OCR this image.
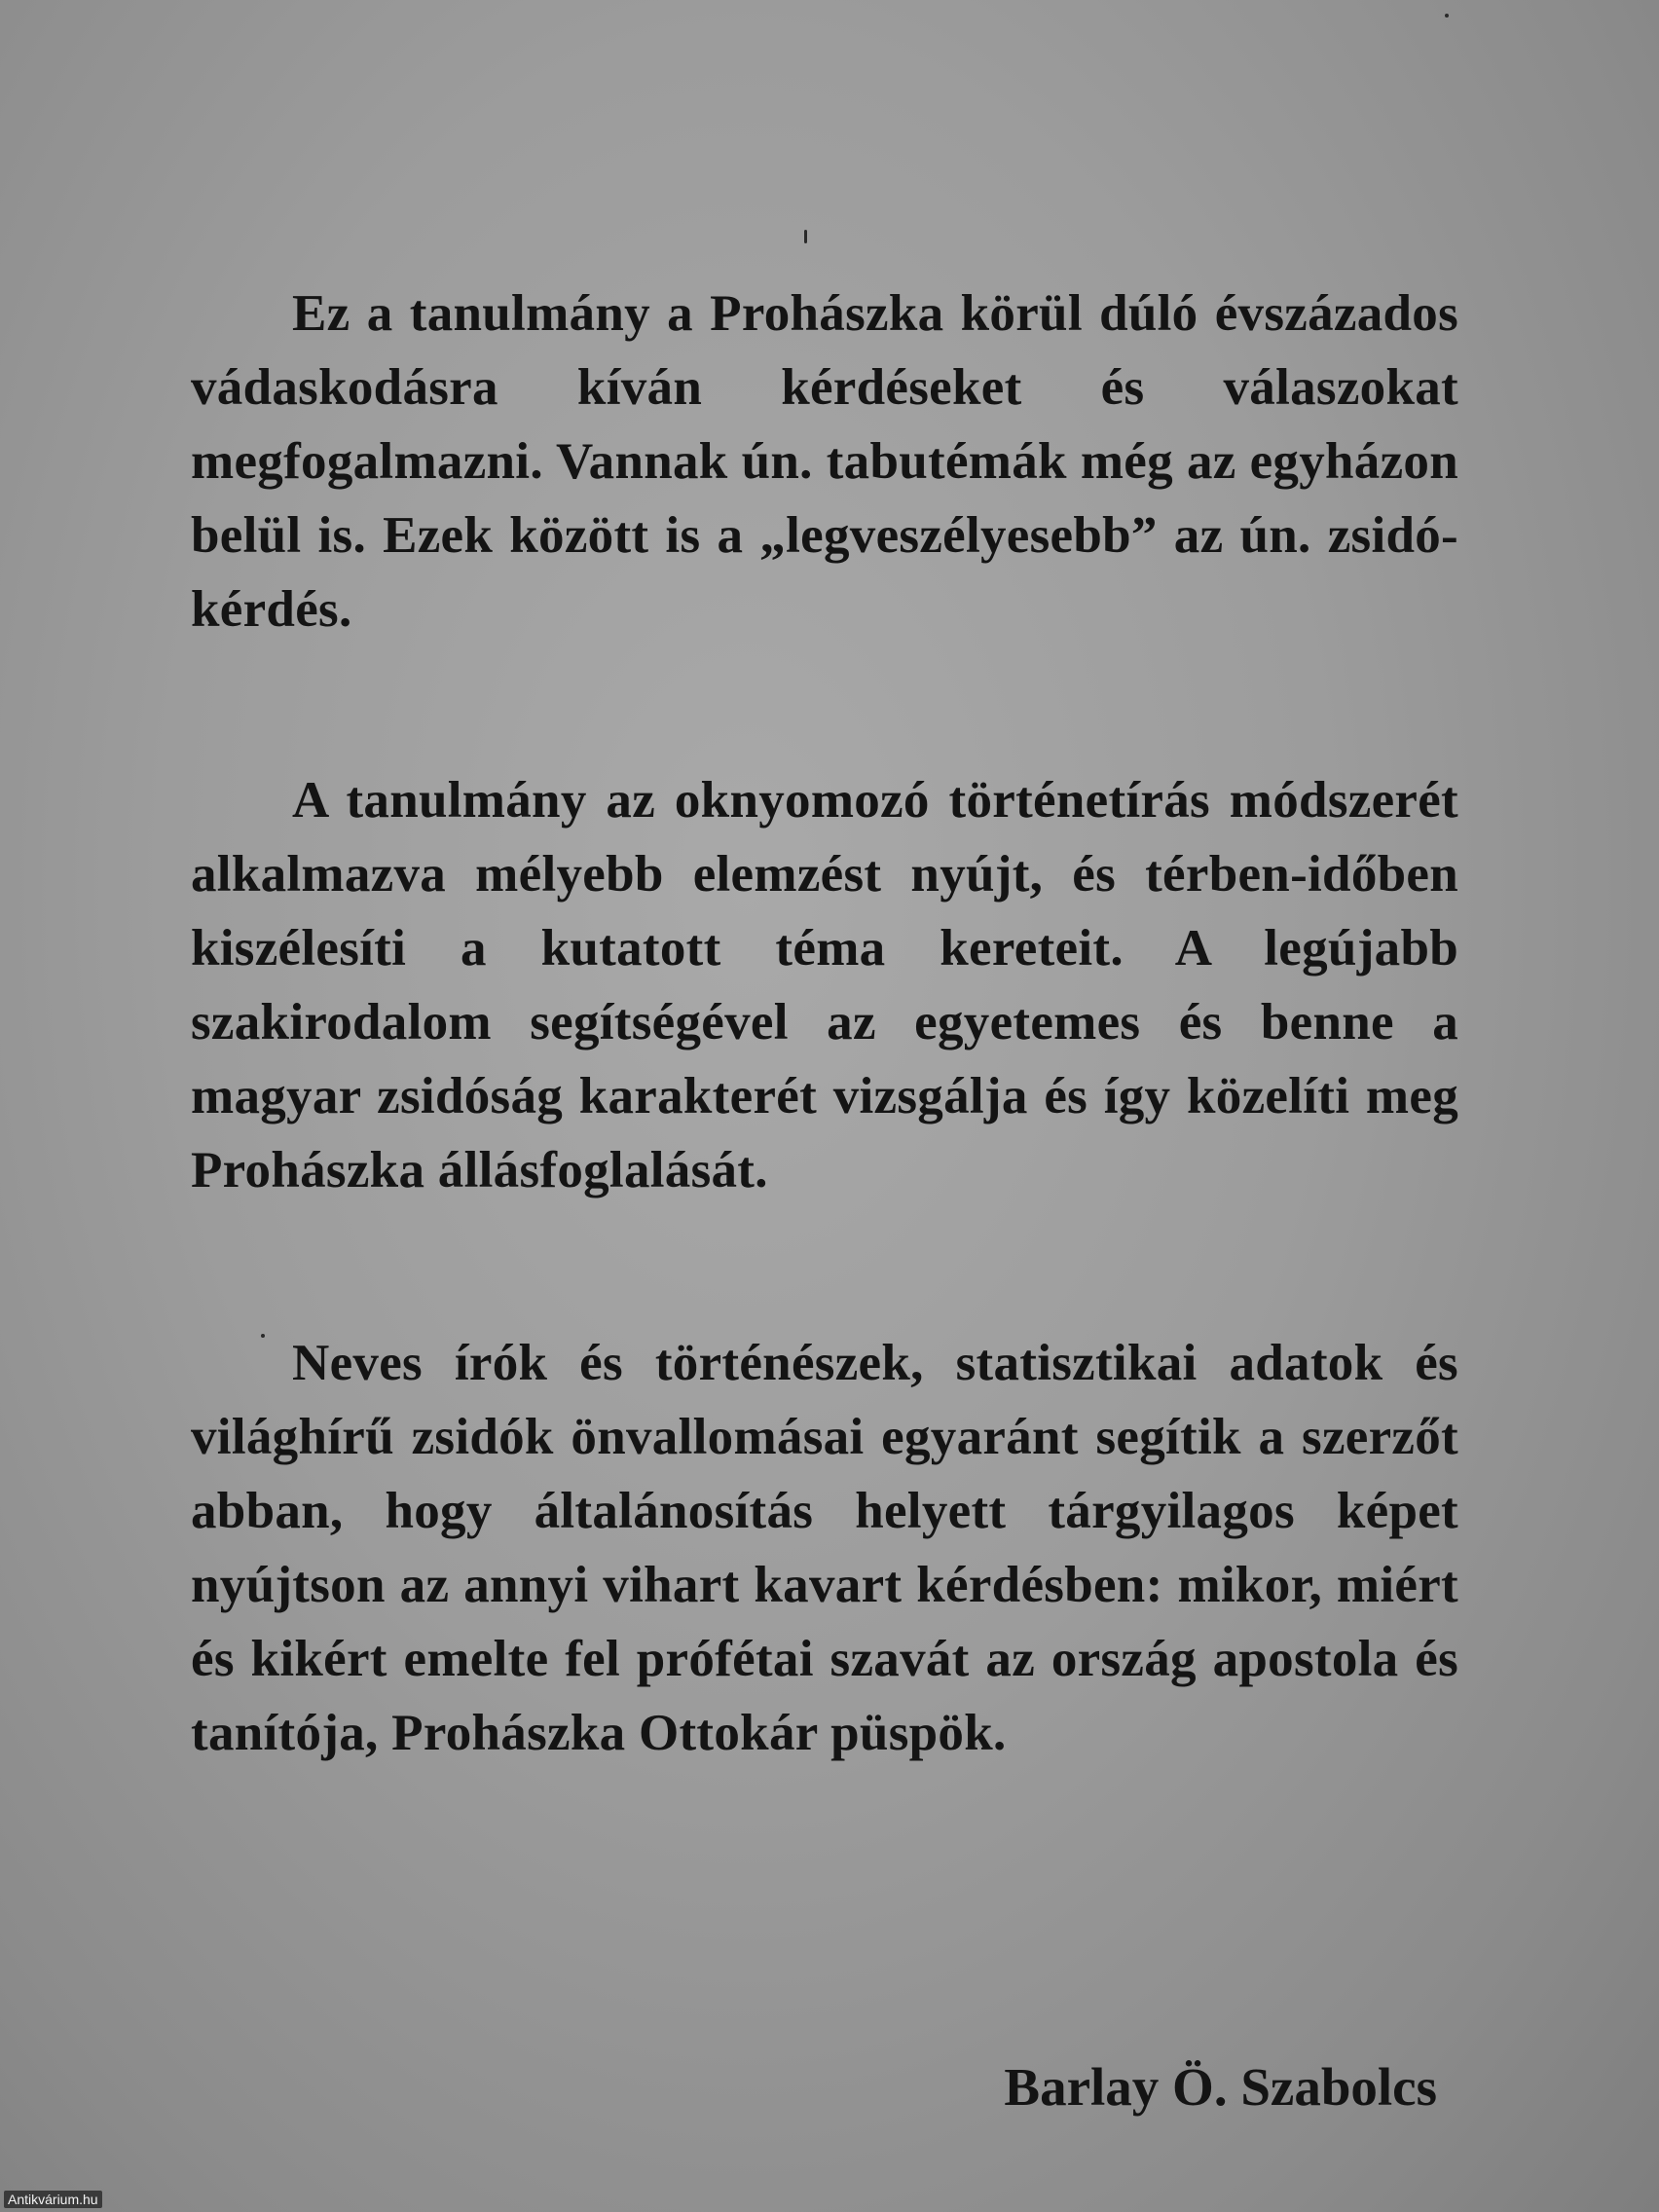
Ez a tanulmány a Prohászka körül dúló évszázados vádaskodásra kíván kérdéseket és válaszokat megfogalmazni. Vannak ún. tabutémák még az egyházon belül is. Ezek között is a „legveszélyesebb” az ún. zsidó-kérdés.

A tanulmány az oknyomozó történetírás módszerét alkalmazva mélyebb elemzést nyújt, és térben-időben kiszélesíti a kutatott téma kereteit. A legújabb szakirodalom segítségével az egyetemes és benne a magyar zsidóság karakterét vizsgálja és így közelíti meg Prohászka állásfoglalását.

Neves írók és történészek, statisztikai adatok és világhírű zsidók önvallomásai egyaránt segítik a szerzőt abban, hogy általánosítás helyett tárgyilagos képet nyújtson az annyi vihart kavart kérdésben: mikor, miért és kikért emelte fel prófétai szavát az ország apostola és tanítója, Prohászka Ottokár püspök.

Barlay Ö. Szabolcs

Antikvárium.hu
